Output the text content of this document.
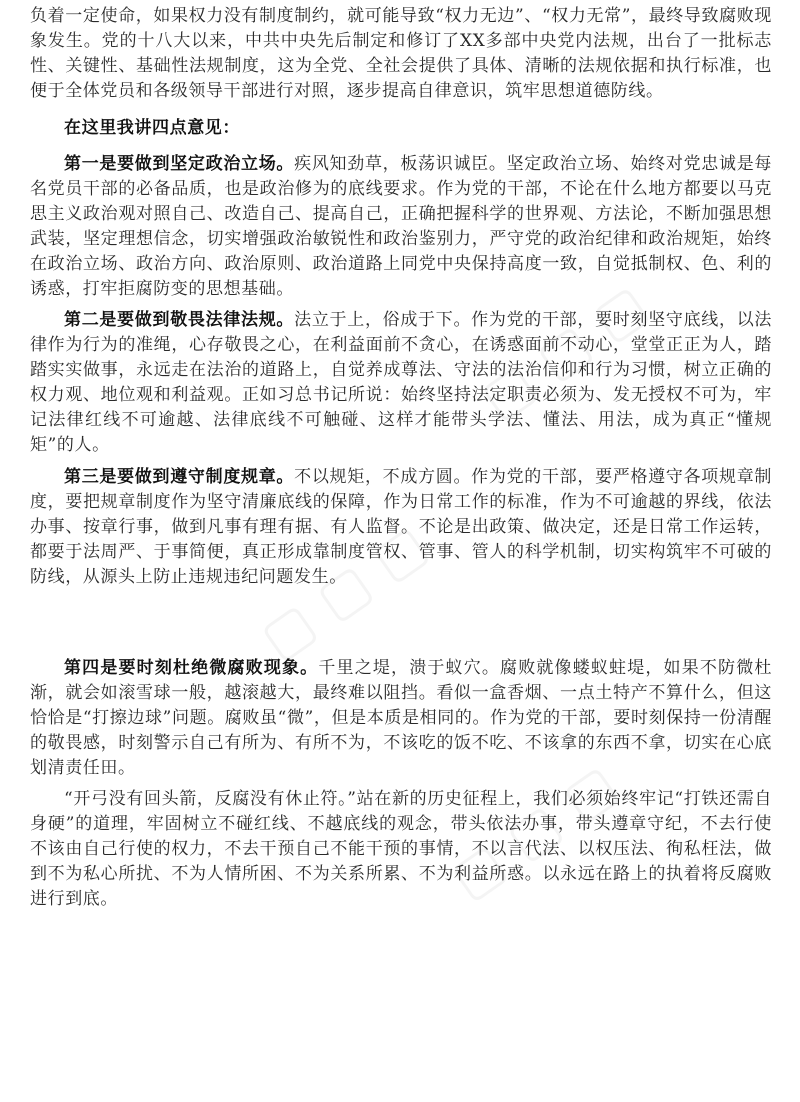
负着一定使命，如果权力没有制度制约，就可能导致“权力无边”、“权力无常”，最终导致腐败现象发生。党的十八大以来，中共中央先后制定和修订了XX多部中央党内法规，出台了一批标志性、关键性、基础性法规制度，这为全党、全社会提供了具体、清晰的法规依据和执行标准，也便于全体党员和各级领导干部进行对照，逐步提高自律意识，筑牢思想道德防线。

在这里我讲四点意见：

第一是要做到坚定政治立场。疾风知劲草，板荡识诚臣。坚定政治立场、始终对党忠诚是每名党员干部的必备品质，也是政治修为的底线要求。作为党的干部，不论在什么地方都要以马克思主义政治观对照自己、改造自己、提高自己，正确把握科学的世界观、方法论，不断加强思想武装，坚定理想信念，切实增强政治敏锐性和政治鉴别力，严守党的政治纪律和政治规矩，始终在政治立场、政治方向、政治原则、政治道路上同党中央保持高度一致，自觉抵制权、色、利的诱惑，打牢拒腐防变的思想基础。

第二是要做到敬畏法律法规。法立于上，俗成于下。作为党的干部，要时刻坚守底线，以法律作为行为的准绳，心存敬畏之心，在利益面前不贪心，在诱惑面前不动心，堂堂正正为人，踏踏实实做事，永远走在法治的道路上，自觉养成尊法、守法的法治信仰和行为习惯，树立正确的权力观、地位观和利益观。正如习总书记所说：始终坚持法定职责必须为、发无授权不可为，牢记法律红线不可逾越、法律底线不可触碰、这样才能带头学法、懂法、用法，成为真正“懂规矩”的人。

第三是要做到遵守制度规章。不以规矩，不成方圆。作为党的干部，要严格遵守各项规章制度，要把规章制度作为坚守清廉底线的保障，作为日常工作的标准，作为不可逾越的界线，依法办事、按章行事，做到凡事有理有据、有人监督。不论是出政策、做决定，还是日常工作运转，都要于法周严、于事简便，真正形成靠制度管权、管事、管人的科学机制，切实构筑牢不可破的防线，从源头上防止违规违纪问题发生。

第四是要时刻杜绝微腐败现象。千里之堤，溃于蚁穴。腐败就像蝼蚁蛀堤，如果不防微杜渐，就会如滚雪球一般，越滚越大，最终难以阻挡。看似一盒香烟、一点土特产不算什么，但这恰恰是“打擦边球”问题。腐败虽“微”，但是本质是相同的。作为党的干部，要时刻保持一份清醒的敬畏感，时刻警示自己有所为、有所不为，不该吃的饭不吃、不该拿的东西不拿，切实在心底划清责任田。

“开弓没有回头箭，反腐没有休止符。”站在新的历史征程上，我们必须始终牢记“打铁还需自身硬”的道理，牢固树立不碰红线、不越底线的观念，带头依法办事，带头遵章守纪，不去行使不该由自己行使的权力，不去干预自己不能干预的事情，不以言代法、以权压法、徇私枉法，做到不为私心所扰、不为人情所困、不为关系所累、不为利益所惑。以永远在路上的执着将反腐败进行到底。
